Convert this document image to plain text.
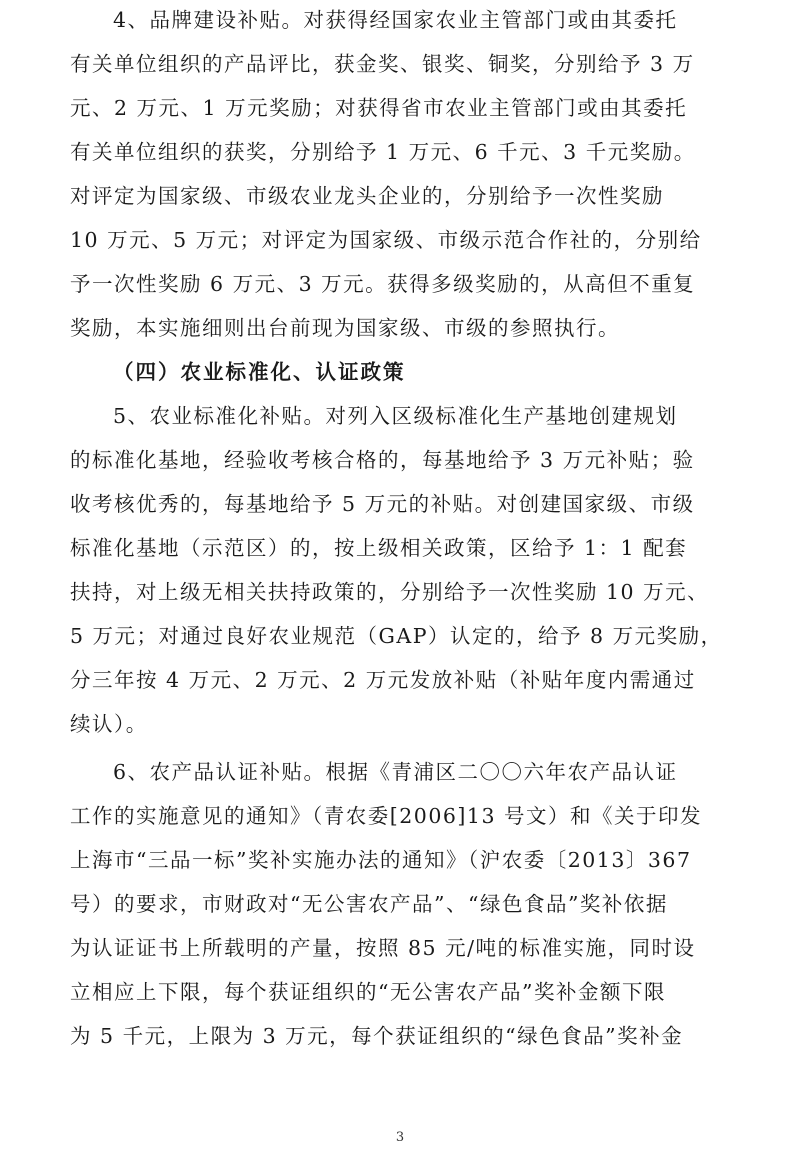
4、品牌建设补贴。对获得经国家农业主管部门或由其委托
有关单位组织的产品评比，获金奖、银奖、铜奖，分别给予 3 万
元、2 万元、1 万元奖励；对获得省市农业主管部门或由其委托
有关单位组织的获奖，分别给予 1 万元、6 千元、3 千元奖励。
对评定为国家级、市级农业龙头企业的，分别给予一次性奖励
10 万元、5 万元；对评定为国家级、市级示范合作社的，分别给
予一次性奖励 6 万元、3 万元。获得多级奖励的，从高但不重复
奖励，本实施细则出台前现为国家级、市级的参照执行。
（四）农业标准化、认证政策
5、农业标准化补贴。对列入区级标准化生产基地创建规划
的标准化基地，经验收考核合格的，每基地给予 3 万元补贴；验
收考核优秀的，每基地给予 5 万元的补贴。对创建国家级、市级
标准化基地（示范区）的，按上级相关政策，区给予 1：1 配套
扶持，对上级无相关扶持政策的，分别给予一次性奖励 10 万元、
5 万元；对通过良好农业规范（GAP）认定的，给予 8 万元奖励，
分三年按 4 万元、2 万元、2 万元发放补贴（补贴年度内需通过
续认）。
6、农产品认证补贴。根据《青浦区二〇〇六年农产品认证
工作的实施意见的通知》（青农委[2006]13 号文）和《关于印发
上海市“三品一标”奖补实施办法的通知》（沪农委〔2013〕367
号）的要求，市财政对“无公害农产品”、“绿色食品”奖补依据
为认证证书上所载明的产量，按照 85 元/吨的标准实施，同时设
立相应上下限，每个获证组织的“无公害农产品”奖补金额下限
为 5 千元，上限为 3 万元，每个获证组织的“绿色食品”奖补金
3
